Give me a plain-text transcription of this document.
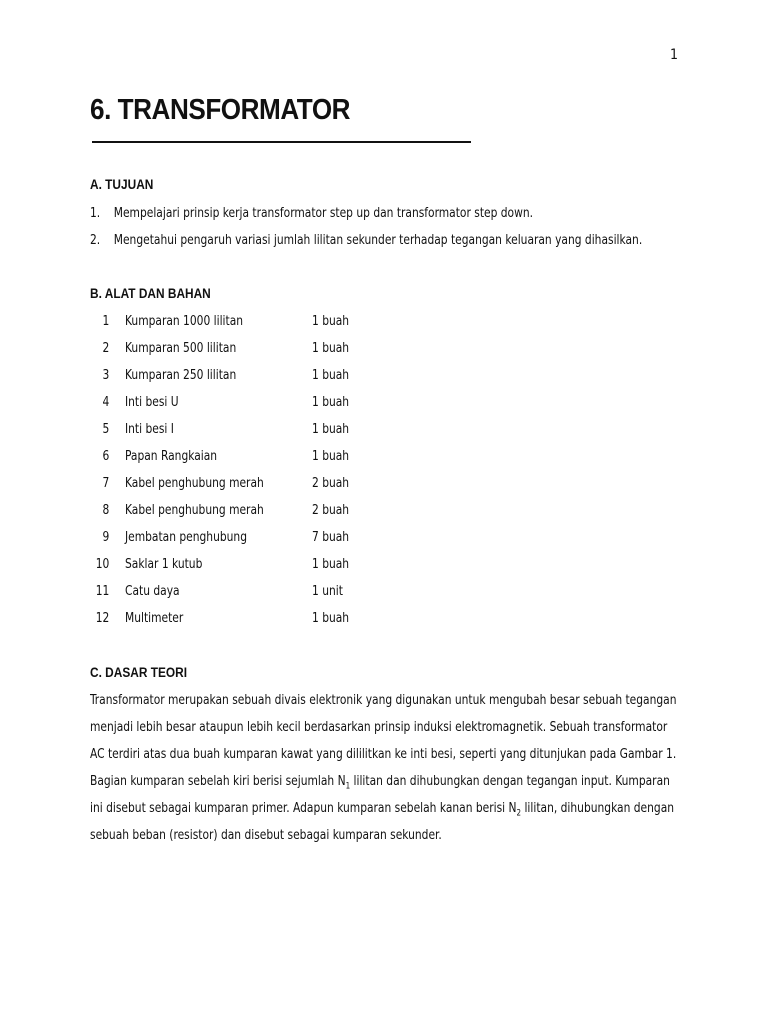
1
6. TRANSFORMATOR
A. TUJUAN
1. Mempelajari prinsip kerja transformator step up dan transformator step down.
2. Mengetahui pengaruh variasi jumlah lilitan sekunder terhadap tegangan keluaran yang dihasilkan.
B. ALAT DAN BAHAN
1 Kumparan 1000 lilitan	1 buah
2 Kumparan 500 lilitan	1 buah
3 Kumparan 250 lilitan	1 buah
4 Inti besi U	1 buah
5 Inti besi I	1 buah
6 Papan Rangkaian	1 buah
7 Kabel penghubung merah	2 buah
8 Kabel penghubung merah	2 buah
9 Jembatan penghubung	7 buah
10 Saklar 1 kutub	1 buah
11 Catu daya	1 unit
12 Multimeter	1 buah
C. DASAR TEORI

Transformator merupakan sebuah divais elektronik yang digunakan untuk mengubah besar sebuah tegangan menjadi lebih besar ataupun lebih kecil berdasarkan prinsip induksi elektromagnetik. Sebuah transformator AC terdiri atas dua buah kumparan kawat yang dililitkan ke inti besi, seperti yang ditunjukan pada Gambar 1. Bagian kumparan sebelah kiri berisi sejumlah $N_1$ lilitan dan dihubungkan dengan tegangan input. Kumparan ini disebut sebagai kumparan primer. Adapun kumparan sebelah kanan berisi $N_2$ lilitan, dihubungkan dengan sebuah beban (resistor) dan disebut sebagai kumparan sekunder.
